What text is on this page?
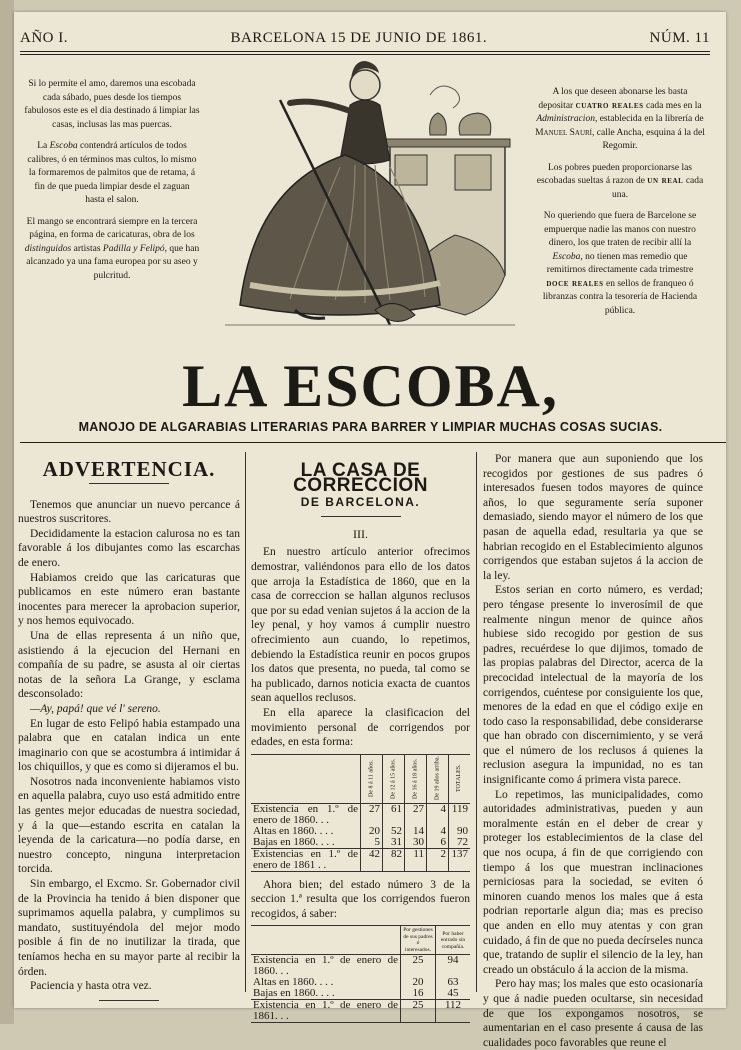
AÑO I.	BARCELONA 15 DE JUNIO DE 1861.	NÚM. 11

Si lo permite el amo, daremos una escobada cada sábado, pues desde los tiempos fabulosos este es el dia destinado á limpiar las casas, inclusas las mas puercas.

La Escoba contendrá artículos de todos calibres, ó en términos mas cultos, lo mismo la formaremos de palmitos que de retama, á fin de que pueda limpiar desde el zaguan hasta el salon.

El mango se encontrará siempre en la tercera página, en forma de caricaturas, obra de los distinguidos artistas Padilla y Felipó, que han alcanzado ya una fama europea por su aseo y pulcritud.

A los que deseen abonarse les basta depositar cuatro reales cada mes en la Administracion, establecida en la librería de Manuel Saurí, calle Ancha, esquina á la del Regomir.

Los pobres pueden proporcionarse las escobadas sueltas á razon de un real cada una.

No queriendo que fuera de Barcelone se empuerque nadie las manos con nuestro dinero, los que traten de recibir allí la Escoba, no tienen mas remedio que remitirnos directamente cada trimestre doce reales en sellos de franqueo ó libranzas contra la tesorería de Hacienda pública.

LA ESCOBA,
MANOJO DE ALGARABIAS LITERARIAS PARA BARRER Y LIMPIAR MUCHAS COSAS SUCIAS.
ADVERTENCIA.

Tenemos que anunciar un nuevo percance á nuestros suscritores.

Decididamente la estacion calurosa no es tan favorable á los dibujantes como las escarchas de enero.

Habiamos creido que las caricaturas que publicamos en este número eran bastante inocentes para merecer la aprobacion superior, y nos hemos equivocado.

Una de ellas representa á un niño que, asistiendo á la ejecucion del Hernani en compañía de su padre, se asusta al oir ciertas notas de la señora La Grange, y esclama desconsolado:

—Ay, papá! que vé l' sereno.

En lugar de esto Felipó habia estampado una palabra que en catalan indica un ente imaginario con que se acostumbra á intimidar á los chiquillos, y que es como si dijeramos el bu.

Nosotros nada inconveniente habiamos visto en aquella palabra, cuyo uso está admitido entre las gentes mejor educadas de nuestra sociedad, y á la que—estando escrita en catalan la leyenda de la caricatura—no podía darse, en nuestro concepto, ninguna interpretacion torcida.

Sin embargo, el Excmo. Sr. Gobernador civil de la Provincia ha tenido á bien disponer que suprimamos aquella palabra, y cumplimos su mandato, sustituyéndola del mejor modo posible á fin de no inutilizar la tirada, que teníamos hecha en su mayor parte al recibir la órden.

Paciencia y hasta otra vez.

LA CASA DE CORRECCION
DE BARCELONA.
III.

En nuestro artículo anterior ofrecimos demostrar, valiéndonos para ello de los datos que arroja la Estadística de 1860, que en la casa de correccion se hallan algunos reclusos que por su edad venian sujetos á la accion de la ley penal, y hoy vamos á cumplir nuestro ofrecimiento aun cuando, lo repetimos, debiendo la Estadística reunir en pocos grupos los datos que presenta, no pueda, tal como se ha publicado, darnos noticia exacta de cuantos sean aquellos reclusos.

En ella aparece la clasificacion del movimiento personal de corrigendos por edades, en esta forma:

	De 8 á 11 años.	De 12 á 15 años.	De 16 á 18 años.	De 19 años arriba.	TOTALES.
Existencia en 1.º de enero de 1860. . .	27	61	27	4	119
Altas en 1860. . . .	20	52	14	4	90
Bajas en 1860. . . .	5	31	30	6	72
Existencias en 1.º de enero de 1861 . .	42	82	11	2	137

Ahora bien; del estado número 3 de la seccion 1.ª resulta que los corrigendos fueron recogidos, á saber:

	Por gestiones de sus padres ó interesados.	Por haber entrado sin compañía.
Existencia en 1.º de enero de 1860. . .	25	94
Altas en 1860. . . .	20	63
Bajas en 1860. . . .	16	45
Existencia en 1.º de enero de 1861. . .	25	112

Por manera que aun suponiendo que los recogidos por gestiones de sus padres ó interesados fuesen todos mayores de quince años, lo que seguramente sería suponer demasiado, siendo mayor el número de los que pasan de aquella edad, resultaria ya que se habrian recogido en el Establecimiento algunos corrigendos que estaban sujetos á la accion de la ley.

Estos serian en corto número, es verdad; pero téngase presente lo inverosímil de que realmente ningun menor de quince años hubiese sido recogido por gestion de sus padres, recuérdese lo que dijimos, tomado de las propias palabras del Director, acerca de la precocidad intelectual de la mayoría de los corrigendos, cuéntese por consiguiente los que, menores de la edad en que el código exije en todo caso la responsabilidad, debe considerarse que han obrado con discernimiento, y se verá que el número de los reclusos á quienes la reclusion asegura la impunidad, no es tan insignificante como á primera vista parece.

Lo repetimos, las municipalidades, como autoridades administrativas, pueden y aun moralmente están en el deber de crear y proteger los establecimientos de la clase del que nos ocupa, á fin de que corrigiendo con tiempo á los que muestran inclinaciones perniciosas para la sociedad, se eviten ó minoren cuando menos los males que á esta podrian reportarle algun dia; mas es preciso que anden en ello muy atentas y con gran cuidado, á fin de que no pueda decírseles nunca que, tratando de suplir el silencio de la ley, han creado un obstáculo á la accion de la misma.

Pero hay mas; los males que esto ocasionaría y que á nadie pueden ocultarse, sin necesidad de que los expongamos nosotros, se aumentarian en el caso presente á causa de las cualidades poco favorables que reune el
